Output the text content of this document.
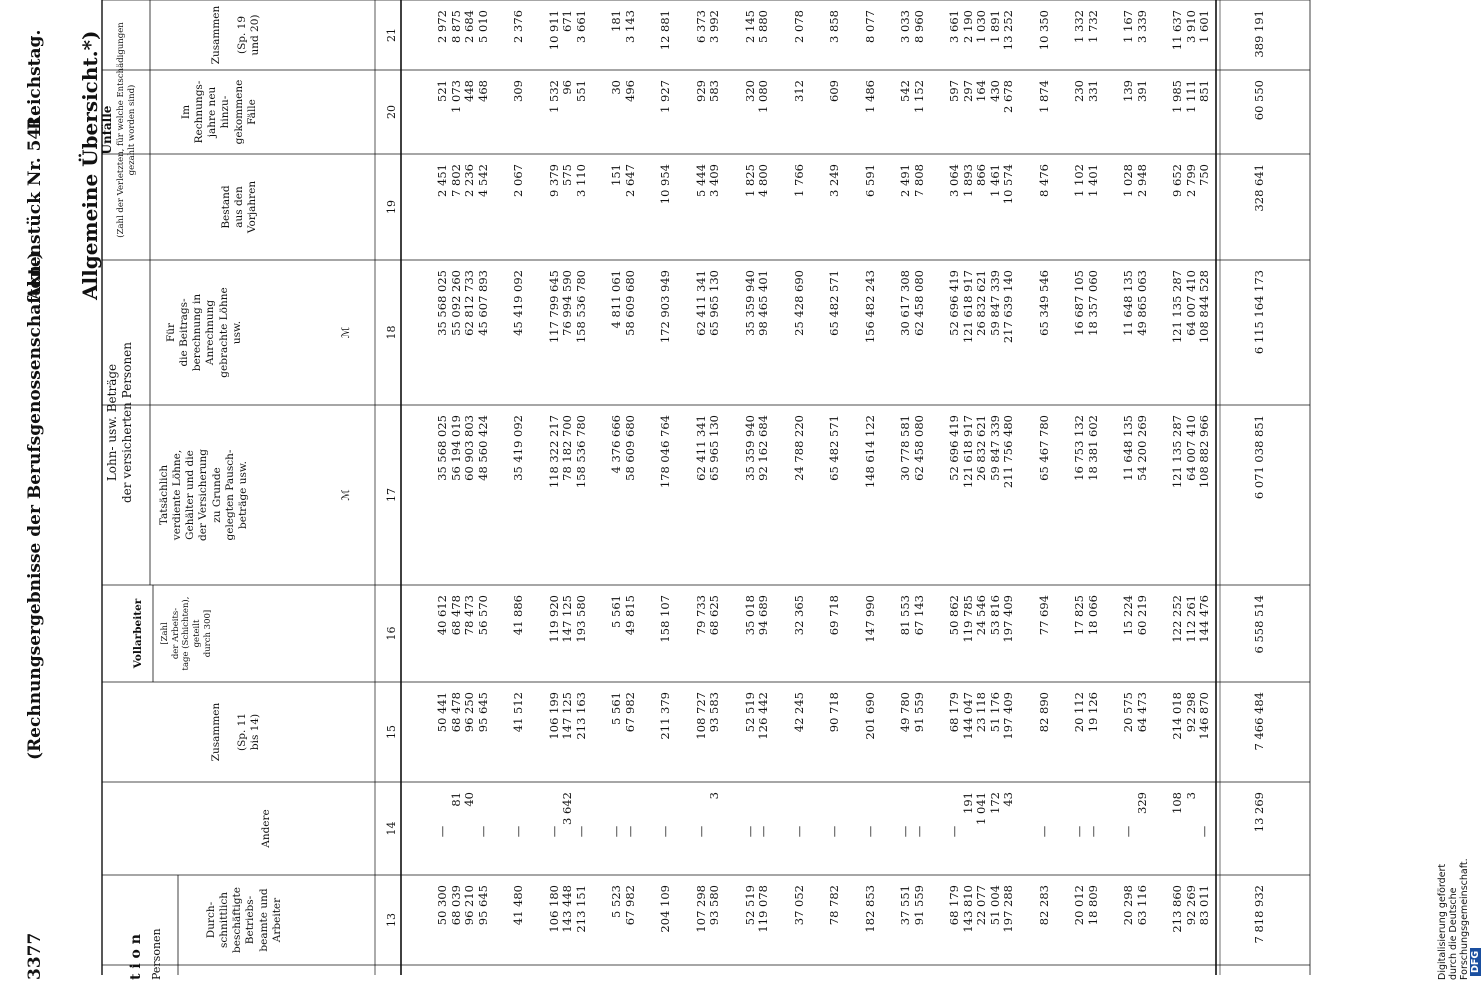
Reichstag.
Aktenstück Nr. 541.
(Rechnungsergebnisse der Berufsgenossenschaften.)
3377
Allgemeine Übersicht.*)
t i o n Personen
Lohn- usw. Beträge
der versicherten Personen
Unfälle
(Zahl der Verletzten, für welche Entschädigungen
gezahlt worden sind)
Durch-
schnittlich
beschäftigte
Betriebs-
beamte und
Arbeiter
Andere
Zusammen

(Sp. 11
bis 14)
Vollarbeiter [Zahl
der Arbeits-
tage (Schichten),
geteilt
durch 300]
Tatsächlich
verdiente Löhne,
Gehälter und die
der Versicherung
zu Grunde
gelegten Pausch-
beträge usw.
Für
die Beitrags-
berechnung in
Anrechnung
gebrachte Löhne
usw.
Bestand
aus den
Vorjahren
Im
Rechnungs-
jahre neu
hinzu-
gekommene
Fälle
Zusammen

(Sp. 19
und 20)
ℳ
ℳ
13
14
15
16
17
18
19
20
21
50 300
—
50 441
40 612
35 568 025
35 568 025
2 451
521
2 972
68 039
81
68 478
68 478
56 194 019
55 092 260
7 802
1 073
8 875
96 210
40
96 250
78 473
60 903 803
62 812 733
2 236
448
2 684
95 645
—
95 645
56 570
48 560 424
45 607 893
4 542
468
5 010
41 480
—
41 512
41 886
35 419 092
45 419 092
2 067
309
2 376
106 180
—
106 199
119 920
118 322 217
117 799 645
9 379
1 532
10 911
143 448
3 642
147 125
147 125
78 182 700
76 994 590
575
96
671
213 151
—
213 163
193 580
158 536 780
158 536 780
3 110
551
3 661
5 523
—
5 561
5 561
4 376 666
4 811 061
151
30
181
67 982
—
67 982
49 815
58 609 680
58 609 680
2 647
496
3 143
204 109
—
211 379
158 107
178 046 764
172 903 949
10 954
1 927
12 881
107 298
—
108 727
79 733
62 411 341
62 411 341
5 444
929
6 373
93 580
3
93 583
68 625
65 965 130
65 965 130
3 409
583
3 992
52 519
—
52 519
35 018
35 359 940
35 359 940
1 825
320
2 145
119 078
—
126 442
94 689
92 162 684
98 465 401
4 800
1 080
5 880
37 052
—
42 245
32 365
24 788 220
25 428 690
1 766
312
2 078
78 782
—
90 718
69 718
65 482 571
65 482 571
3 249
609
3 858
182 853
—
201 690
147 990
148 614 122
156 482 243
6 591
1 486
8 077
37 551
—
49 780
81 553
30 778 581
30 617 308
2 491
542
3 033
91 559
—
91 559
67 143
62 458 080
62 458 080
7 808
1 152
8 960
68 179
—
68 179
50 862
52 696 419
52 696 419
3 064
597
3 661
143 810
191
144 047
119 785
121 618 917
121 618 917
1 893
297
2 190
22 077
1 041
23 118
24 546
26 832 621
26 832 621
866
164
1 030
51 004
172
51 176
53 816
59 847 339
59 847 339
1 461
430
1 891
197 288
43
197 409
197 409
211 756 480
217 639 140
10 574
2 678
13 252
82 283
—
82 890
77 694
65 467 780
65 349 546
8 476
1 874
10 350
20 012
—
20 112
17 825
16 753 132
16 687 105
1 102
230
1 332
18 809
—
19 126
18 066
18 381 602
18 357 060
1 401
331
1 732
20 298
—
20 575
15 224
11 648 135
11 648 135
1 028
139
1 167
63 116
329
64 473
60 219
54 200 269
49 865 063
2 948
391
3 339
213 860
108
214 018
122 252
121 135 287
121 135 287
9 652
1 985
11 637
92 269
3
92 298
112 261
64 007 410
64 007 410
2 799
1 111
3 910
83 011
—
146 870
144 476
108 882 966
108 844 528
750
851
1 601
7 818 932
13 269
7 466 484
6 558 514
6 071 038 851
6 115 164 173
328 641
60 550
389 191
Digitalisierung gefördert durch die Deutsche Forschungsgemeinschaft. DFG
